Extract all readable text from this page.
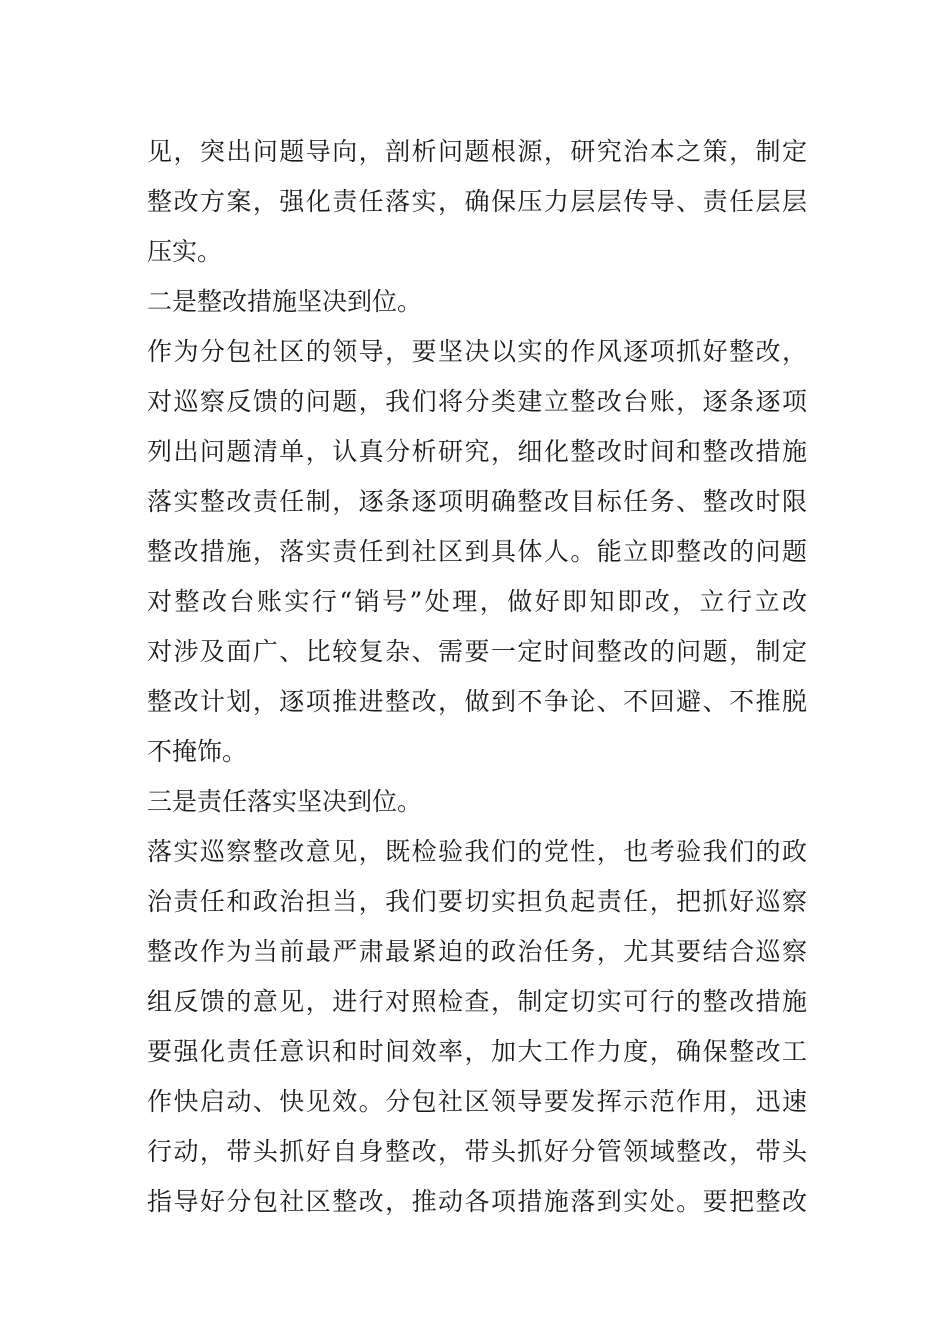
见，突出问题导向，剖析问题根源，研究治本之策，制定
整改方案，强化责任落实，确保压力层层传导、责任层层
压实。
二是整改措施坚决到位。
作为分包社区的领导，要坚决以实的作风逐项抓好整改，
对巡察反馈的问题，我们将分类建立整改台账，逐条逐项
列出问题清单，认真分析研究，细化整改时间和整改措施
落实整改责任制，逐条逐项明确整改目标任务、整改时限
整改措施，落实责任到社区到具体人。能立即整改的问题
对整改台账实行“销号”处理，做好即知即改，立行立改
对涉及面广、比较复杂、需要一定时间整改的问题，制定
整改计划，逐项推进整改，做到不争论、不回避、不推脱
不掩饰。
三是责任落实坚决到位。
落实巡察整改意见，既检验我们的党性，也考验我们的政
治责任和政治担当，我们要切实担负起责任，把抓好巡察
整改作为当前最严肃最紧迫的政治任务，尤其要结合巡察
组反馈的意见，进行对照检查，制定切实可行的整改措施
要强化责任意识和时间效率，加大工作力度，确保整改工
作快启动、快见效。分包社区领导要发挥示范作用，迅速
行动，带头抓好自身整改，带头抓好分管领域整改，带头
指导好分包社区整改，推动各项措施落到实处。要把整改
